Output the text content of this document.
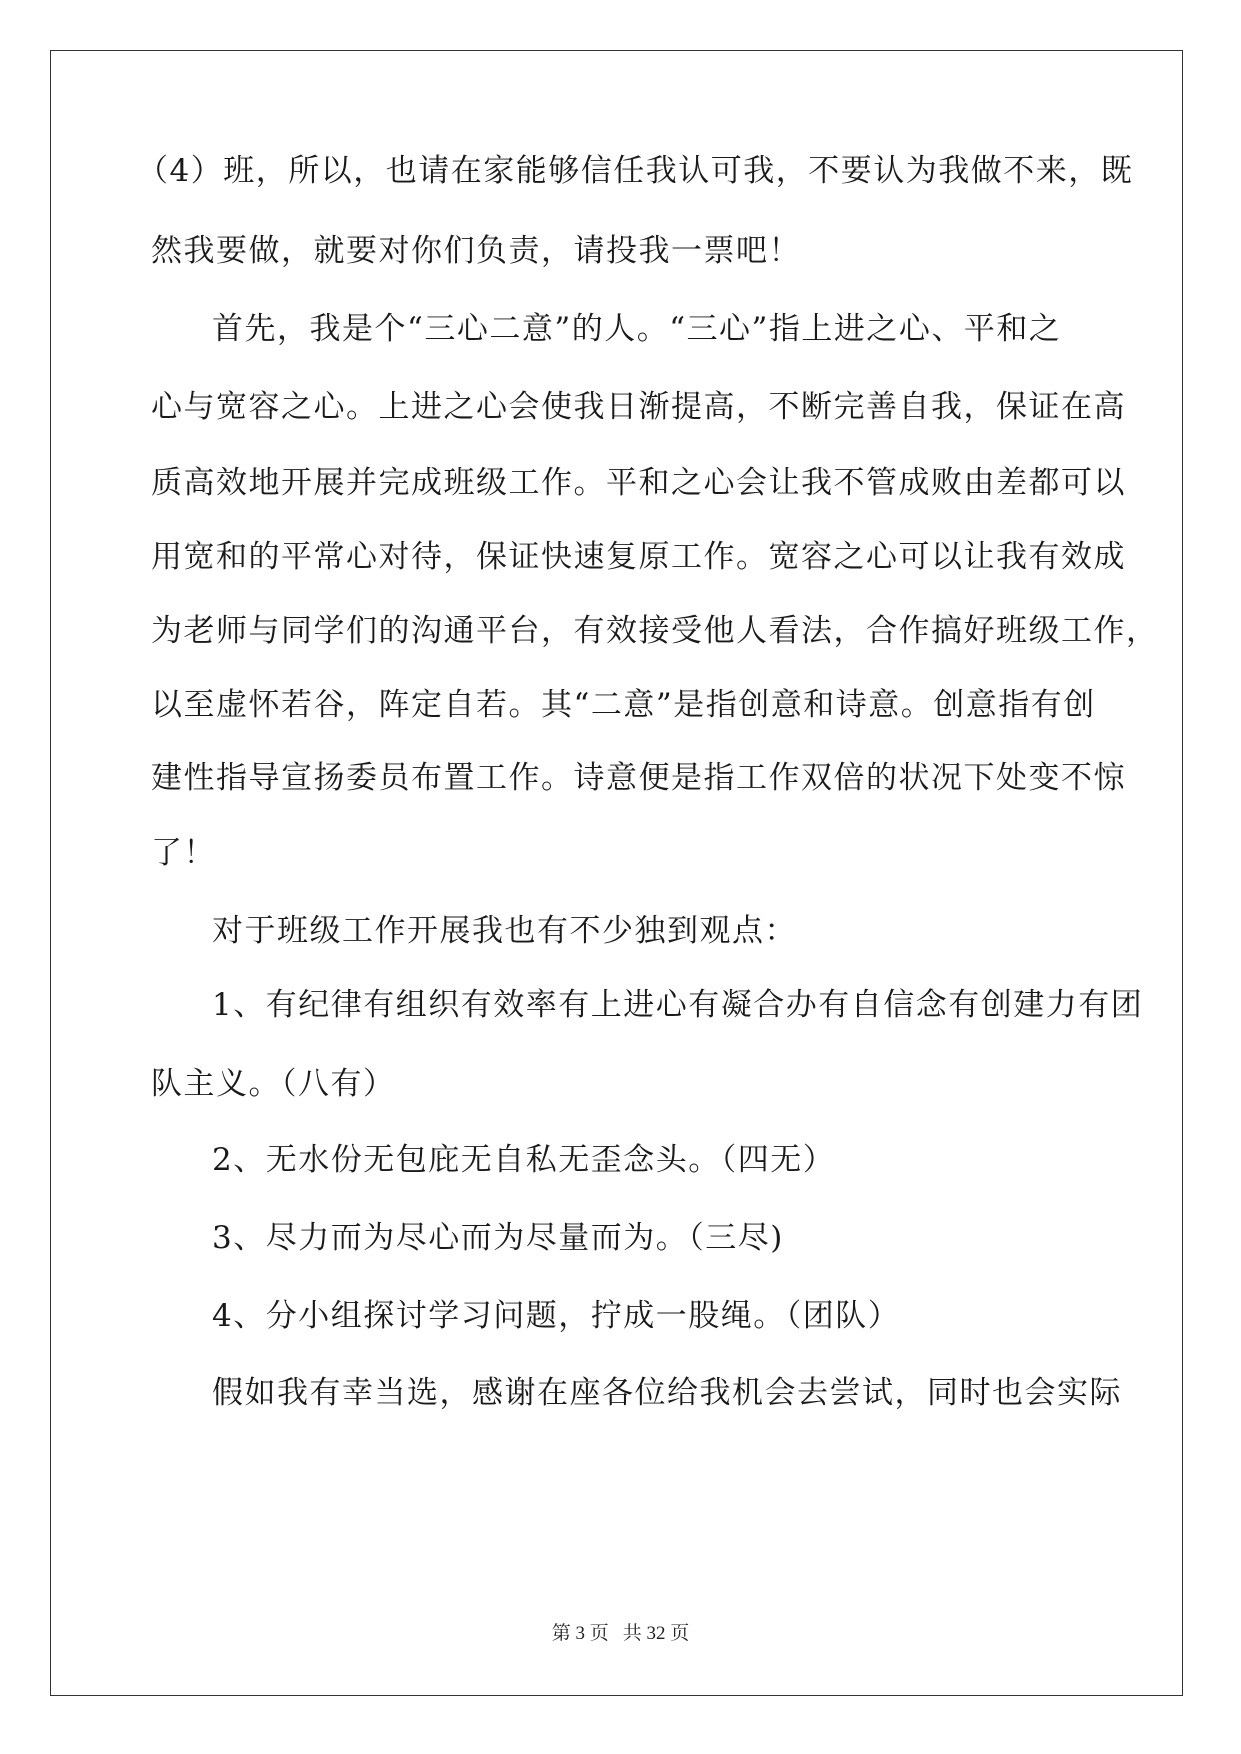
（4）班，所以，也请在家能够信任我认可我，不要认为我做不来，既
然我要做，就要对你们负责，请投我一票吧！
首先，我是个“三心二意”的人。“三心”指上进之心、平和之
心与宽容之心。上进之心会使我日渐提高，不断完善自我，保证在高
质高效地开展并完成班级工作。平和之心会让我不管成败由差都可以
用宽和的平常心对待，保证快速复原工作。宽容之心可以让我有效成
为老师与同学们的沟通平台，有效接受他人看法，合作搞好班级工作，
以至虚怀若谷，阵定自若。其“二意”是指创意和诗意。创意指有创
建性指导宣扬委员布置工作。诗意便是指工作双倍的状况下处变不惊
了！
对于班级工作开展我也有不少独到观点：
1、有纪律有组织有效率有上进心有凝合办有自信念有创建力有团
队主义。（八有）
2、无水份无包庇无自私无歪念头。（四无）
3、尽力而为尽心而为尽量而为。（三尽)
4、分小组探讨学习问题，拧成一股绳。（团队）
假如我有幸当选，感谢在座各位给我机会去尝试，同时也会实际
第 3 页 共 32 页
